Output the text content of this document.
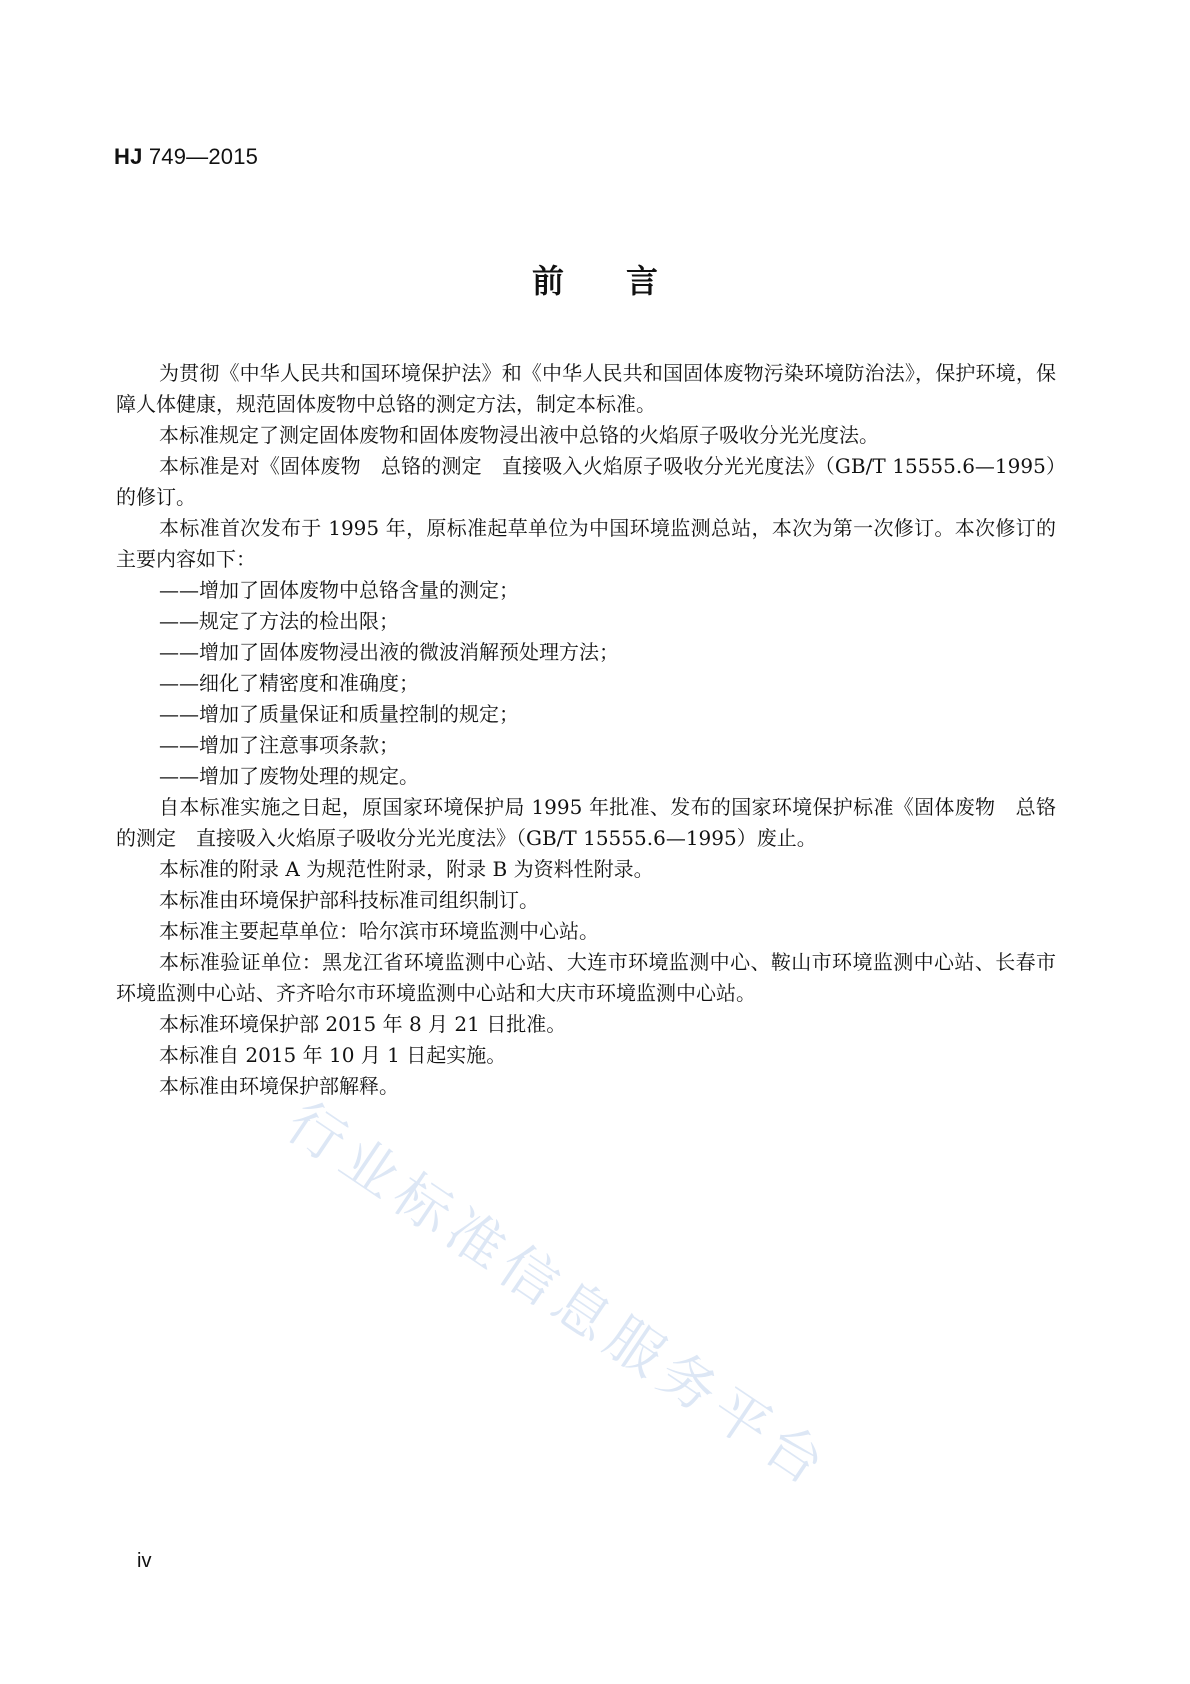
HJ 749—2015
前 言

为贯彻《中华人民共和国环境保护法》和《中华人民共和国固体废物污染环境防治法》，保护环境，保障人体健康，规范固体废物中总铬的测定方法，制定本标准。

本标准规定了测定固体废物和固体废物浸出液中总铬的火焰原子吸收分光光度法。

本标准是对《固体废物　总铬的测定　直接吸入火焰原子吸收分光光度法》（GB/T 15555.6—1995）的修订。

本标准首次发布于 1995 年，原标准起草单位为中国环境监测总站，本次为第一次修订。本次修订的主要内容如下：

——增加了固体废物中总铬含量的测定；

——规定了方法的检出限；

——增加了固体废物浸出液的微波消解预处理方法；

——细化了精密度和准确度；

——增加了质量保证和质量控制的规定；

——增加了注意事项条款；

——增加了废物处理的规定。

自本标准实施之日起，原国家环境保护局 1995 年批准、发布的国家环境保护标准《固体废物　总铬的测定　直接吸入火焰原子吸收分光光度法》（GB/T 15555.6—1995）废止。

本标准的附录 A 为规范性附录，附录 B 为资料性附录。

本标准由环境保护部科技标准司组织制订。

本标准主要起草单位：哈尔滨市环境监测中心站。

本标准验证单位：黑龙江省环境监测中心站、大连市环境监测中心、鞍山市环境监测中心站、长春市环境监测中心站、齐齐哈尔市环境监测中心站和大庆市环境监测中心站。

本标准环境保护部 2015 年 8 月 21 日批准。

本标准自 2015 年 10 月 1 日起实施。

本标准由环境保护部解释。

行业标准信息服务平台
iv
